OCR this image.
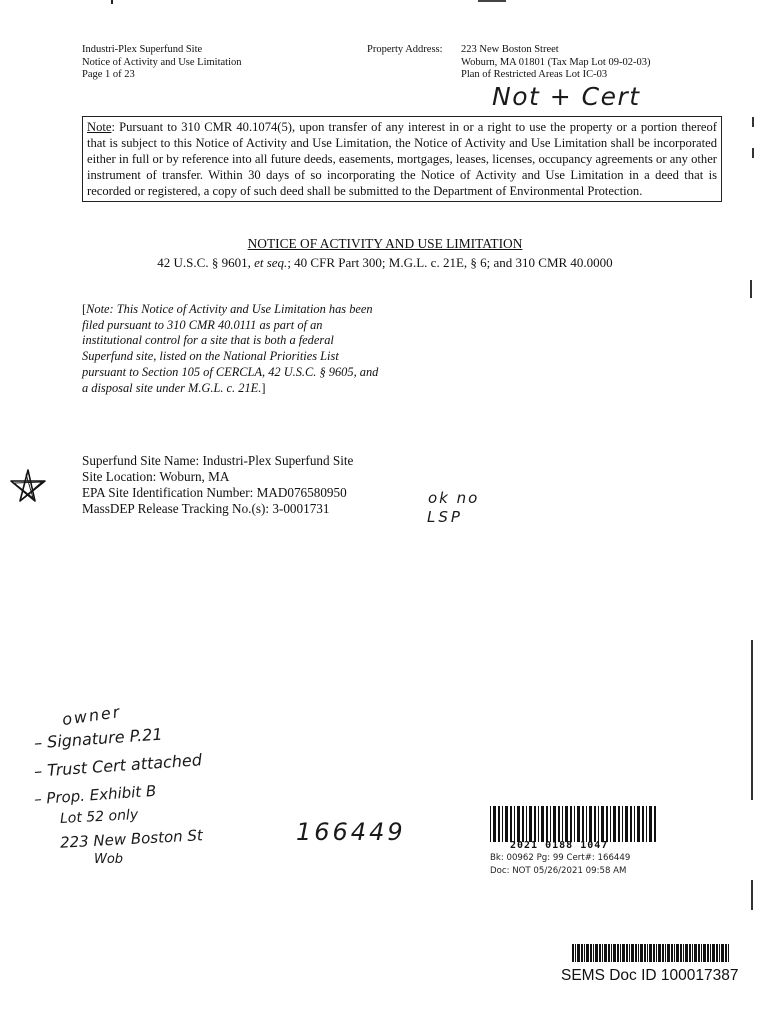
Industri-Plex Superfund Site
Notice of Activity and Use Limitation
Page 1 of 23
Property Address: 223 New Boston Street
Woburn, MA 01801 (Tax Map Lot 09-02-03)
Plan of Restricted Areas Lot IC-03
Not + Cert
Note: Pursuant to 310 CMR 40.1074(5), upon transfer of any interest in or a right to use the property or a portion thereof that is subject to this Notice of Activity and Use Limitation, the Notice of Activity and Use Limitation shall be incorporated either in full or by reference into all future deeds, easements, mortgages, leases, licenses, occupancy agreements or any other instrument of transfer. Within 30 days of so incorporating the Notice of Activity and Use Limitation in a deed that is recorded or registered, a copy of such deed shall be submitted to the Department of Environmental Protection.
NOTICE OF ACTIVITY AND USE LIMITATION
42 U.S.C. § 9601, et seq.; 40 CFR Part 300; M.G.L. c. 21E, § 6; and 310 CMR 40.0000
[Note: This Notice of Activity and Use Limitation has been filed pursuant to 310 CMR 40.0111 as part of an institutional control for a site that is both a federal Superfund site, listed on the National Priorities List pursuant to Section 105 of CERCLA, 42 U.S.C. § 9605, and a disposal site under M.G.L. c. 21E.]
Superfund Site Name: Industri-Plex Superfund Site
Site Location: Woburn, MA
EPA Site Identification Number: MAD076580950
MassDEP Release Tracking No.(s): 3-0001731
ok no
LSP
owner
– Signature P.21
– Trust Cert attached
– Prop. Exhibit B
Lot 52 only
223 New Boston St
Wob
166449	2021 0188 1047
Bk: 00962 Pg: 99 Cert#: 166449
Doc: NOT 05/26/2021 09:58 AM
SEMS Doc ID 100017387
